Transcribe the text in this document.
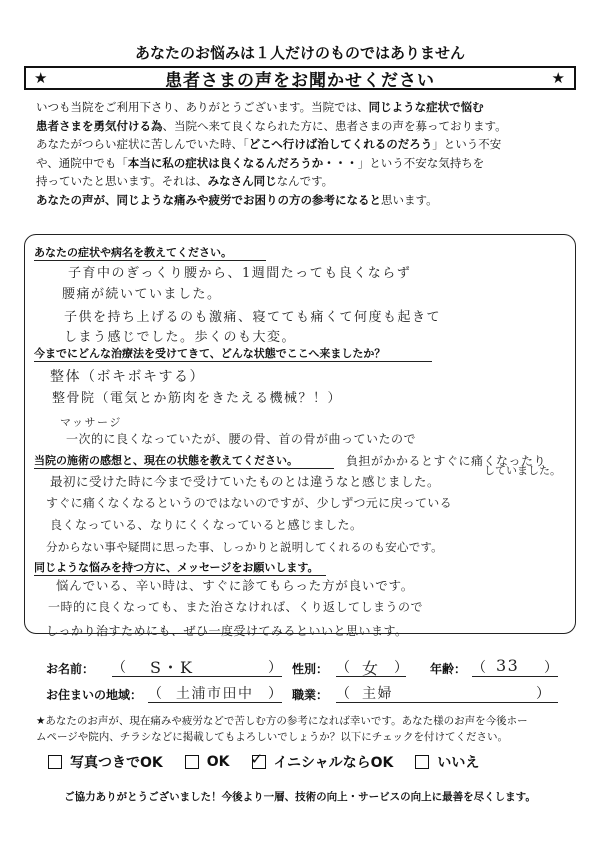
あなたのお悩みは１人だけのものではありません
★	患者さまの声をお聞かせください	★

いつも当院をご利用下さり、ありがとうございます。当院では、同じような症状で悩む

患者さまを勇気付ける為、当院へ来て良くなられた方に、患者さまの声を募っております。

あなたがつらい症状に苦しんでいた時、「どこへ行けば治してくれるのだろう」という不安

や、通院中でも「本当に私の症状は良くなるんだろうか・・・」という不安な気持ちを

持っていたと思います。それは、みなさん同じなんです。

あなたの声が、同じような痛みや疲労でお困りの方の参考になると思います。

あなたの症状や病名を教えてください。
子育中のぎっくり腰から、1週間たっても良くならず
腰痛が続いていました。
子供を持ち上げるのも激痛、寝てても痛くて何度も起きて
しまう感じでした。歩くのも大変。
今までにどんな治療法を受けてきて、どんな状態でここへ来ましたか？
整体（ボキボキする）
整骨院（電気とか筋肉をきたえる機械？！）
マッサージ
一次的に良くなっていたが、腰の骨、首の骨が曲っていたので
負担がかかるとすぐに痛くなったり
していました。
当院の施術の感想と、現在の状態を教えてください。
最初に受けた時に今まで受けていたものとは違うなと感じました。
すぐに痛くなくなるというのではないのですが、少しずつ元に戻っている
良くなっている、なりにくくなっていると感じました。
分からない事や疑問に思った事、しっかりと説明してくれるのも安心です。
同じような悩みを持つ方に、メッセージをお願いします。
悩んでいる、辛い時は、すぐに診てもらった方が良いです。
一時的に良くなっても、また治さなければ、くり返してしまうので
しっかり治すためにも、ぜひ一度受けてみるといいと思います。
お名前： （ S・K	） 性別： （ 女 ） 年齢： （ 33 ）
お住まいの地域： （ 土浦市田中 ） 職業： （ 主婦	）

★あなたのお声が、現在痛みや疲労などで苦しむ方の参考になれば幸いです。あなた様のお声を今後ホー

ムページや院内、チラシなどに掲載してもよろしいでしょうか？以下にチェックを付けてください。

写真つきでOK	OK ✓ イニシャルならOK	いいえ
ご協力ありがとうございました！今後より一層、技術の向上・サービスの向上に最善を尽くします。
